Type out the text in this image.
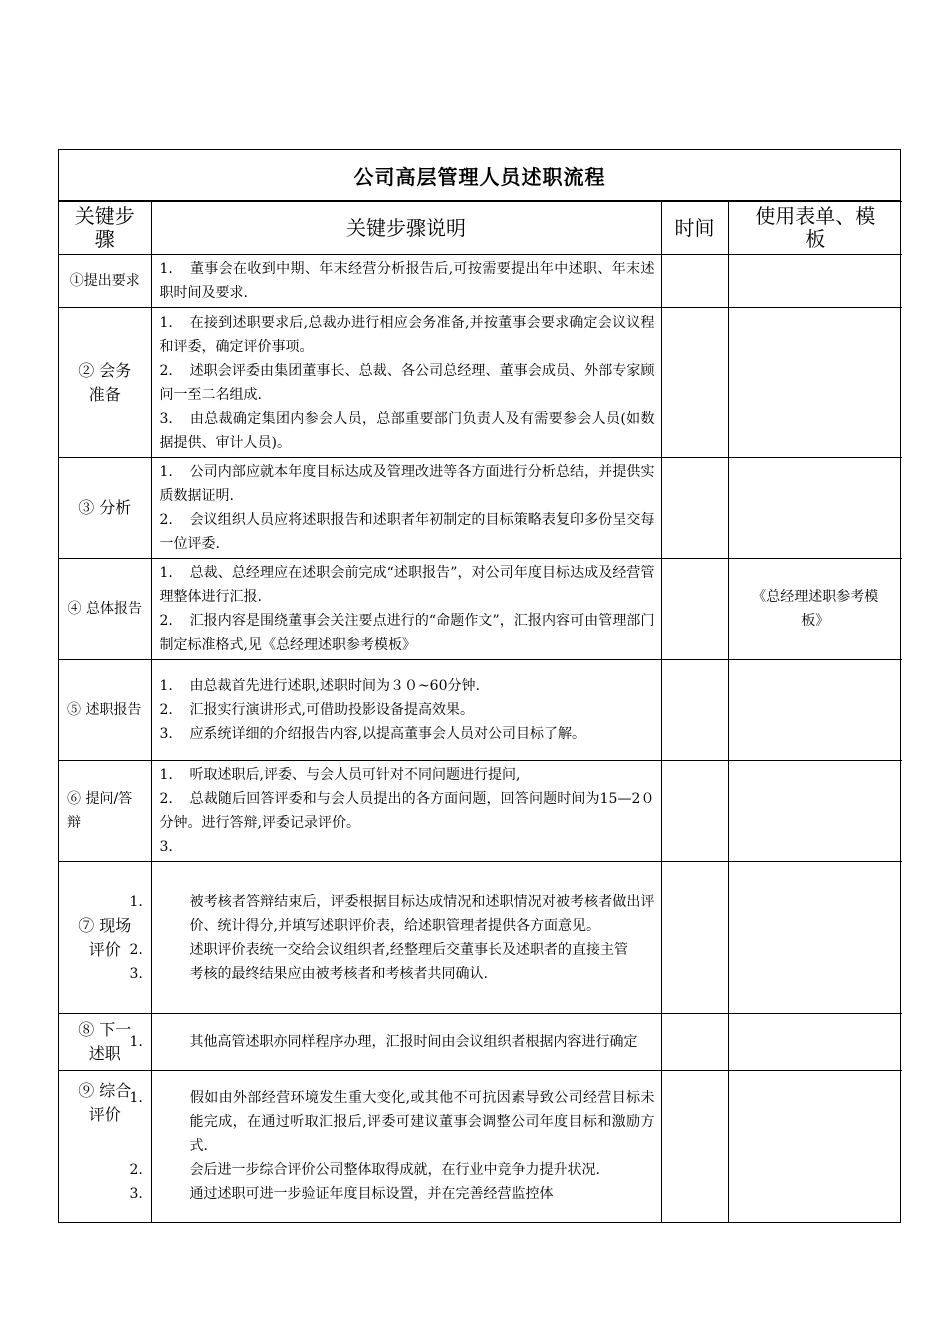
公司高层管理人员述职流程
关键步骤	关键步骤说明	时间	使用表单、模板
①提出要求	1. 董事会在收到中期、年末经营分析报告后,可按需要提出年中述职、年末述职时间及要求.		

② 会务准备	1. 在接到述职要求后,总裁办进行相应会务准备,并按董事会要求确定会议议程和评委，确定评价事项。
2. 述职会评委由集团董事长、总裁、各公司总经理、董事会成员、外部专家顾问一至二名组成.
3. 由总裁确定集团内参会人员，总部重要部门负责人及有需要参会人员(如数据提供、审计人员)。		

③ 分析	1. 公司内部应就本年度目标达成及管理改进等各方面进行分析总结，并提供实质数据证明.
2. 会议组织人员应将述职报告和述职者年初制定的目标策略表复印多份呈交每一位评委.		

④ 总体报告	1. 总裁、总经理应在述职会前完成“述职报告”，对公司年度目标达成及经营管理整体进行汇报.
2. 汇报内容是围绕董事会关注要点进行的“命题作文”，汇报内容可由管理部门制定标准格式,见《总经理述职参考模板》		《总经理述职参考模板》
⑤ 述职报告	1. 由总裁首先进行述职,述职时间为３０~60分钟.
2. 汇报实行演讲形式,可借助投影设备提高效果。
3. 应系统详细的介绍报告内容,以提高董事会人员对公司目标了解。		

⑥ 提问/答辩	1. 听取述职后,评委、与会人员可针对不同问题进行提问,
2. 总裁随后回答评委和与会人员提出的各方面问题，回答问题时间为15—2０分钟。进行答辩,评委记录评价。
3.		

⑦ 现场评价	1. 被考核者答辩结束后，评委根据目标达成情况和述职情况对被考核者做出评价、统计得分,并填写述职评价表，给述职管理者提供各方面意见。
2. 述职评价表统一交给会议组织者,经整理后交董事长及述职者的直接主管
3. 考核的最终结果应由被考核者和考核者共同确认.		

⑧ 下一述职	1. 其他高管述职亦同样程序办理，汇报时间由会议组织者根据内容进行确定		

⑨ 综合评价	1. 假如由外部经营环境发生重大变化,或其他不可抗因素导致公司经营目标未能完成，在通过听取汇报后,评委可建议董事会调整公司年度目标和激励方式.
2. 会后进一步综合评价公司整体取得成就，在行业中竞争力提升状况.
3. 通过述职可进一步验证年度目标设置，并在完善经营监控体		
